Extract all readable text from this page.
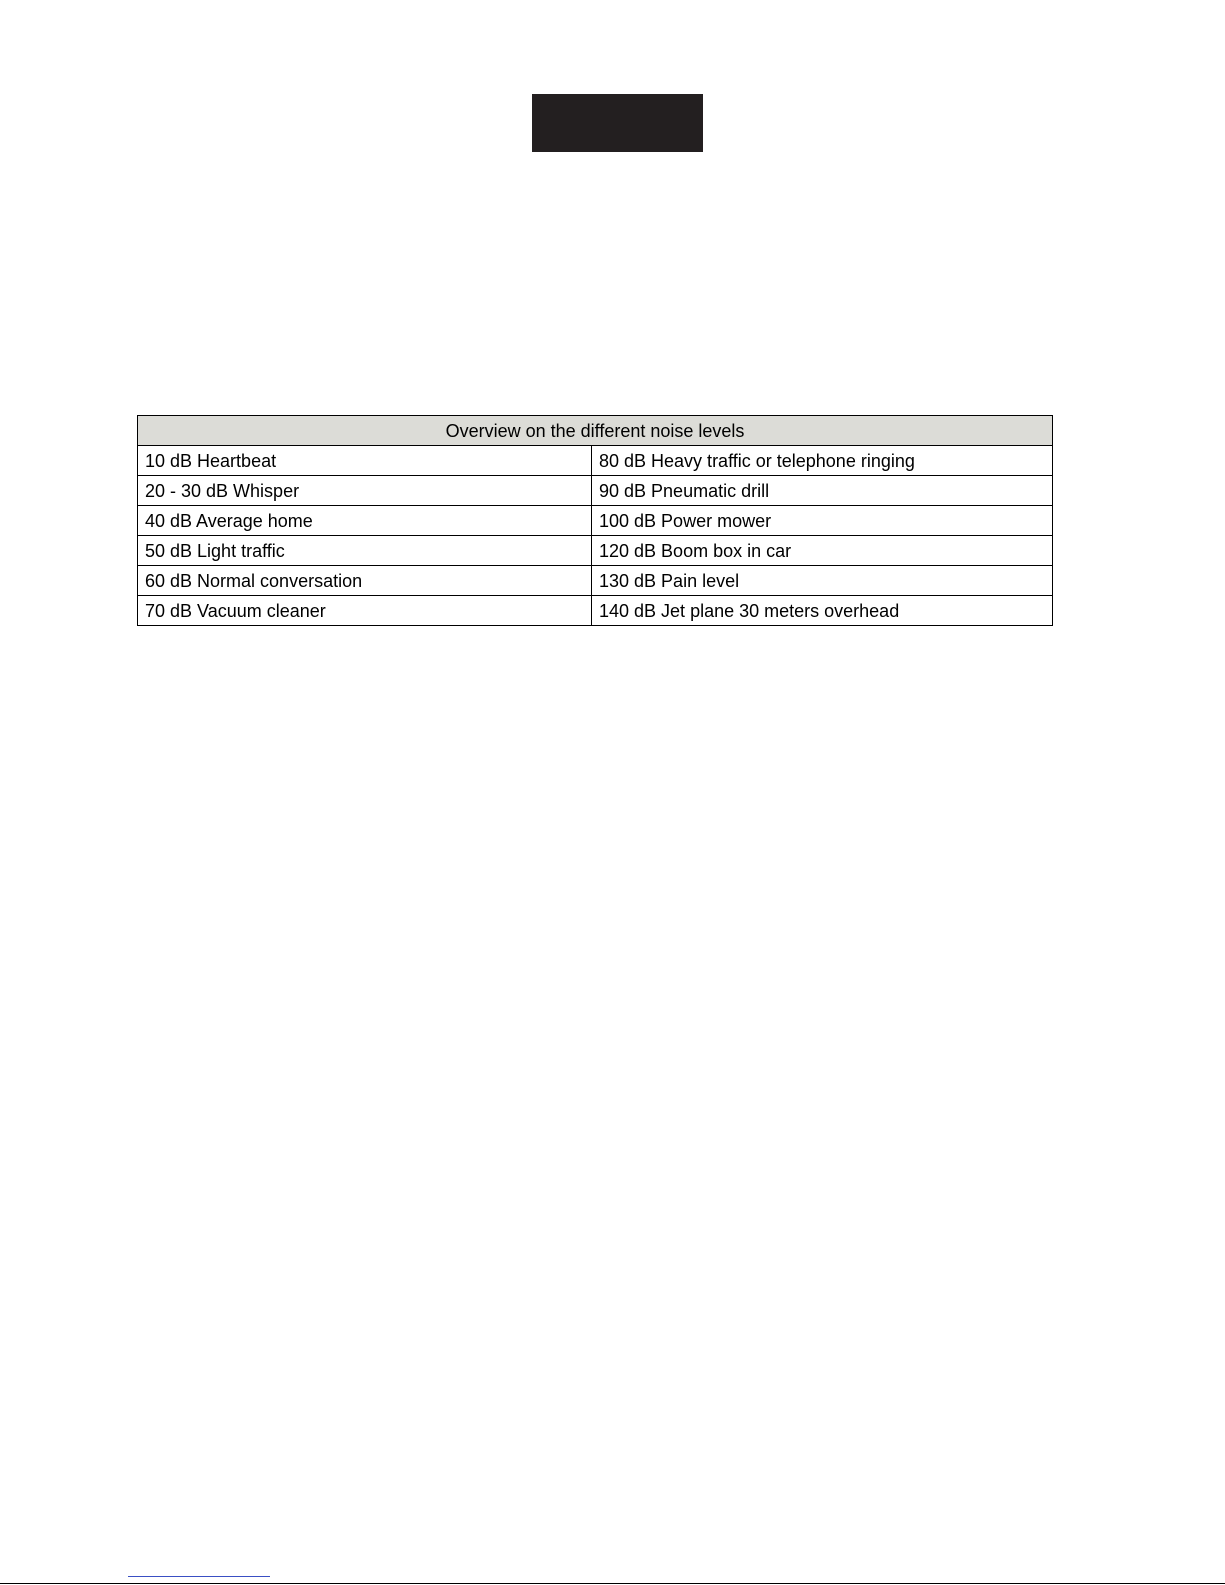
Overview on the different noise levels	
10 dB Heartbeat	80 dB Heavy traffic or telephone ringing
20 - 30 dB Whisper	90 dB Pneumatic drill
40 dB Average home	100 dB Power mower
50 dB Light traffic	120 dB Boom box in car
60 dB Normal conversation	130 dB Pain level
70 dB Vacuum cleaner	140 dB Jet plane 30 meters overhead
